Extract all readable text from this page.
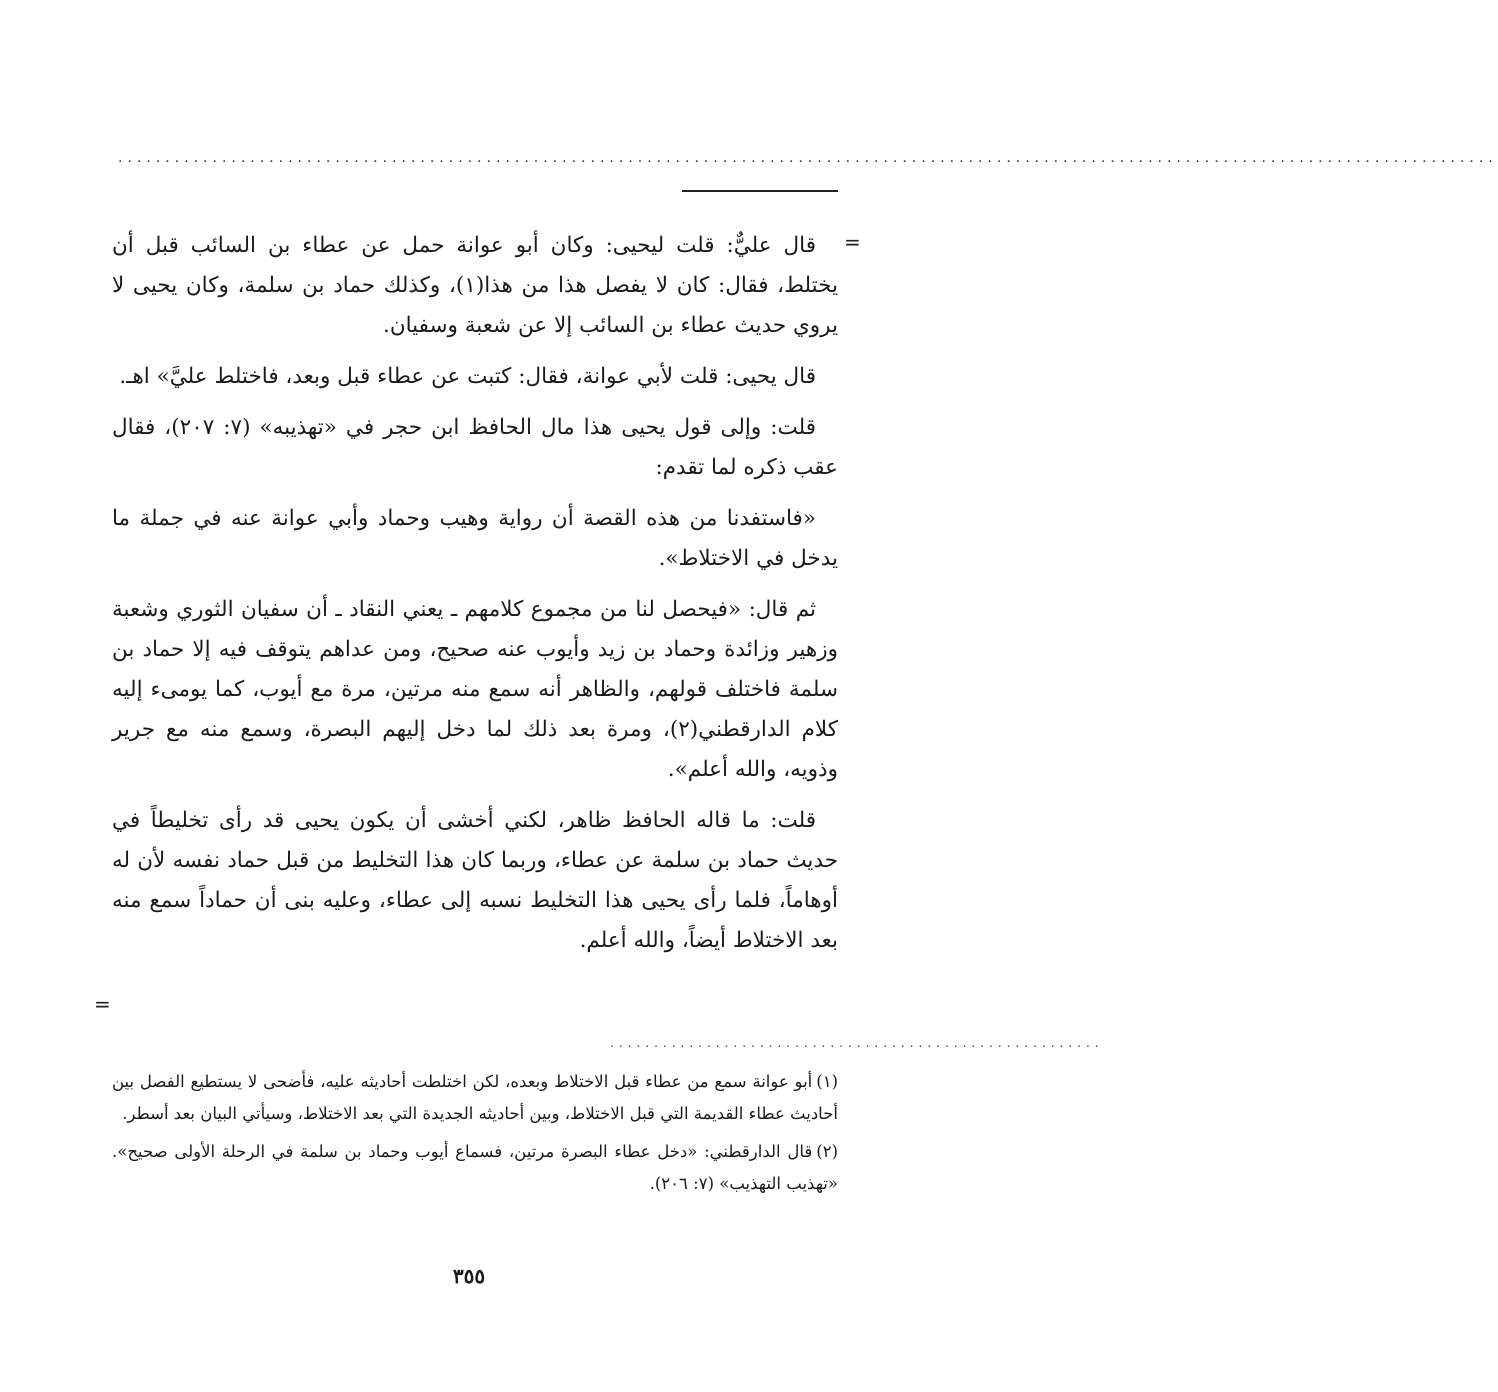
..................................................................................................................................................
=

قال عليٌّ: قلت ليحيى: وكان أبو عوانة حمل عن عطاء بن السائب قبل أن يختلط، فقال: كان لا يفصل هذا من هذا(١)، وكذلك حماد بن سلمة، وكان يحيى لا يروي حديث عطاء بن السائب إلا عن شعبة وسفيان.

قال يحيى: قلت لأبي عوانة، فقال: كتبت عن عطاء قبل وبعد، فاختلط عليَّ» اهـ.

قلت: وإلى قول يحيى هذا مال الحافظ ابن حجر في «تهذيبه» (٧: ٢٠٧)، فقال عقب ذكره لما تقدم:

«فاستفدنا من هذه القصة أن رواية وهيب وحماد وأبي عوانة عنه في جملة ما يدخل في الاختلاط».

ثم قال: «فيحصل لنا من مجموع كلامهم ـ يعني النقاد ـ أن سفيان الثوري وشعبة وزهير وزائدة وحماد بن زيد وأيوب عنه صحيح، ومن عداهم يتوقف فيه إلا حماد بن سلمة فاختلف قولهم، والظاهر أنه سمع منه مرتين، مرة مع أيوب، كما يومىء إليه كلام الدارقطني(٢)، ومرة بعد ذلك لما دخل إليهم البصرة، وسمع منه مع جرير وذويه، والله أعلم».

قلت: ما قاله الحافظ ظاهر، لكني أخشى أن يكون يحيى قد رأى تخليطاً في حديث حماد بن سلمة عن عطاء، وربما كان هذا التخليط من قبل حماد نفسه لأن له أوهاماً، فلما رأى يحيى هذا التخليط نسبه إلى عطاء، وعليه بنى أن حماداً سمع منه بعد الاختلاط أيضاً، والله أعلم.

=
........................................................

(١)أبو عوانة سمع من عطاء قبل الاختلاط وبعده، لكن اختلطت أحاديثه عليه، فأضحى لا يستطيع الفصل بين أحاديث عطاء القديمة التي قبل الاختلاط، وبين أحاديثه الجديدة التي بعد الاختلاط، وسيأتي البيان بعد أسطر.

(٢)قال الدارقطني: «دخل عطاء البصرة مرتين، فسماع أيوب وحماد بن سلمة في الرحلة الأولى صحيح». «تهذيب التهذيب» (٧: ٢٠٦).

٣٥٥
